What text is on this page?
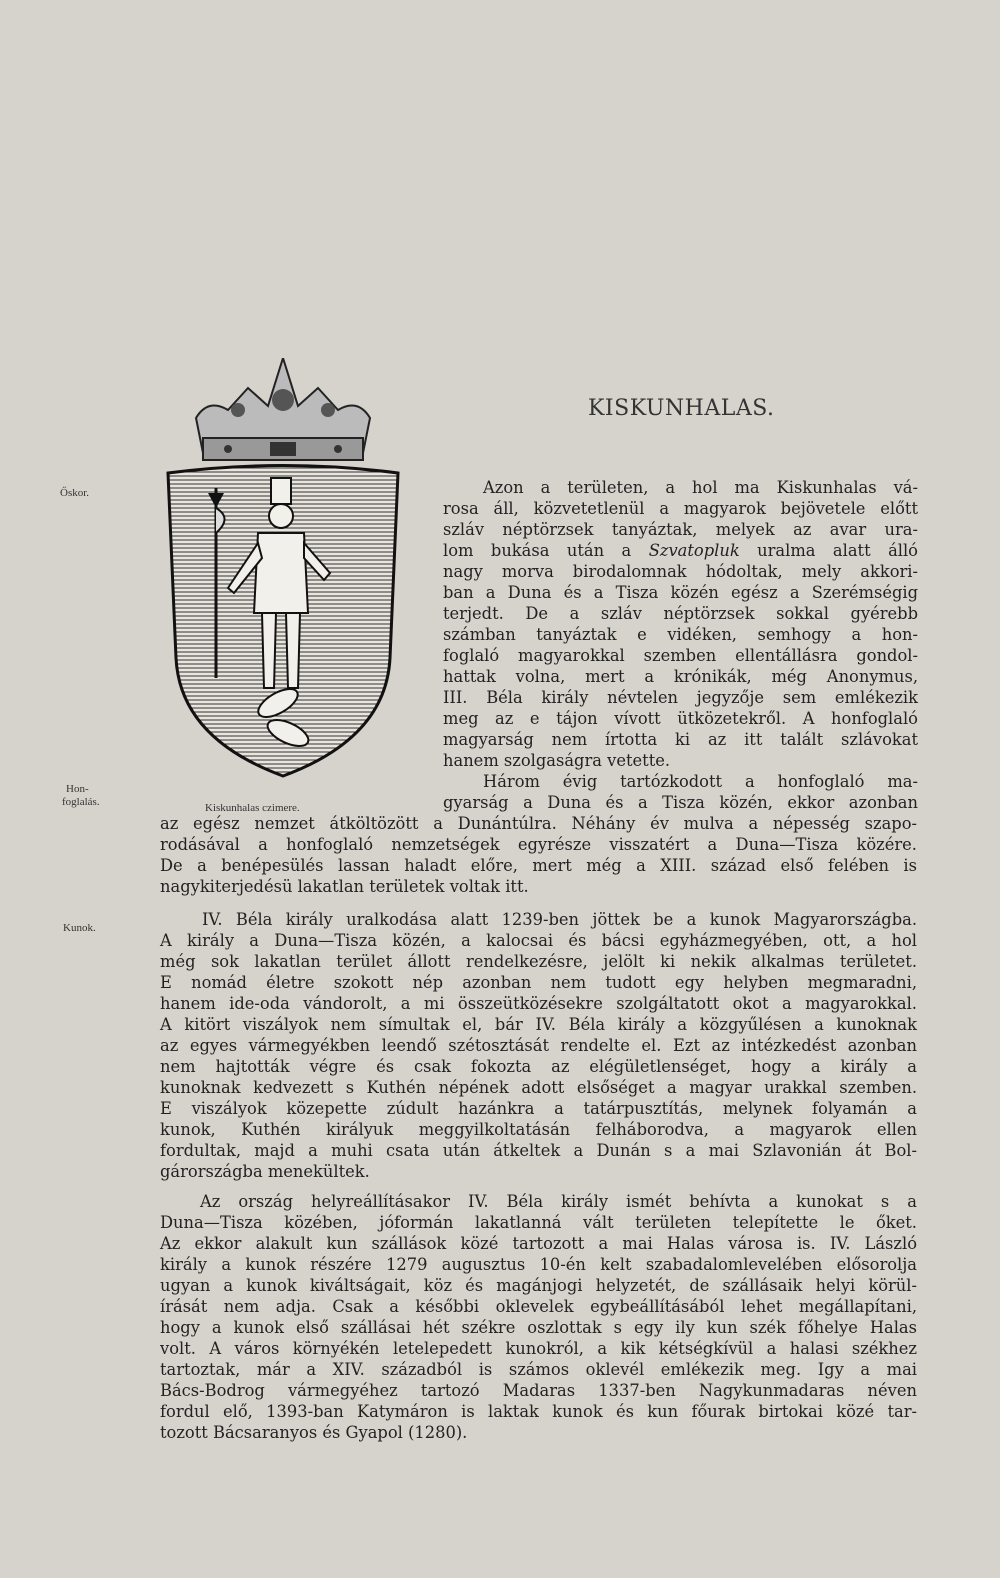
KISKUNHALAS.
Őskor.
Hon-
foglalás.
Kunok.
Kiskunhalas czimere.
Azon a területen, a hol ma Kiskunhalas vá-
rosa áll, közvetetlenül a magyarok bejövetele előtt
szláv néptörzsek tanyáztak, melyek az avar ura-
lom bukása után a Szvatopluk uralma alatt álló
nagy morva birodalomnak hódoltak, mely akkori-
ban a Duna és a Tisza közén egész a Szerémségig
terjedt. De a szláv néptörzsek sokkal gyérebb
számban tanyáztak e vidéken, semhogy a hon-
foglaló magyarokkal szemben ellentállásra gondol-
hattak volna, mert a krónikák, még Anonymus,
III. Béla király névtelen jegyzője sem emlékezik
meg az e tájon vívott ütközetekről. A honfoglaló
magyarság nem írtotta ki az itt talált szlávokat
hanem szolgaságra vetette.
Három évig tartózkodott a honfoglaló ma-
gyarság a Duna és a Tisza közén, ekkor azonban
az egész nemzet átköltözött a Dunántúlra. Néhány év mulva a népesség szapo-
rodásával a honfoglaló nemzetségek egyrésze visszatért a Duna—Tisza közére.
De a benépesülés lassan haladt előre, mert még a XIII. század első felében is
nagykiterjedésü lakatlan területek voltak itt.
IV. Béla király uralkodása alatt 1239-ben jöttek be a kunok Magyarországba.
A király a Duna—Tisza közén, a kalocsai és bácsi egyházmegyében, ott, a hol
még sok lakatlan terület állott rendelkezésre, jelölt ki nekik alkalmas területet.
E nomád életre szokott nép azonban nem tudott egy helyben megmaradni,
hanem ide-oda vándorolt, a mi összeütközésekre szolgáltatott okot a magyarokkal.
A kitört viszályok nem símultak el, bár IV. Béla király a közgyűlésen a kunoknak
az egyes vármegyékben leendő szétosztását rendelte el. Ezt az intézkedést azonban
nem hajtották végre és csak fokozta az elégületlenséget, hogy a király a
kunoknak kedvezett s Kuthén népének adott elsőséget a magyar urakkal szemben.
E viszályok közepette zúdult hazánkra a tatárpusztítás, melynek folyamán a
kunok, Kuthén királyuk meggyilkoltatásán felháborodva, a magyarok ellen
fordultak, majd a muhi csata után átkeltek a Dunán s a mai Szlavonián át Bol-
gárországba menekültek.
Az ország helyreállításakor IV. Béla király ismét behívta a kunokat s a
Duna—Tisza közében, jóformán lakatlanná vált területen telepítette le őket.
Az ekkor alakult kun szállások közé tartozott a mai Halas városa is. IV. László
király a kunok részére 1279 augusztus 10-én kelt szabadalomlevelében elősorolja
ugyan a kunok kiváltságait, köz és magánjogi helyzetét, de szállásaik helyi körül-
írását nem adja. Csak a későbbi oklevelek egybeállításából lehet megállapítani,
hogy a kunok első szállásai hét székre oszlottak s egy ily kun szék főhelye Halas
volt. A város környékén letelepedett kunokról, a kik kétségkívül a halasi székhez
tartoztak, már a XIV. századból is számos oklevél emlékezik meg. Igy a mai
Bács-Bodrog vármegyéhez tartozó Madaras 1337-ben Nagykunmadaras néven
fordul elő, 1393-ban Katymáron is laktak kunok és kun főurak birtokai közé tar-
tozott Bácsaranyos és Gyapol (1280).
